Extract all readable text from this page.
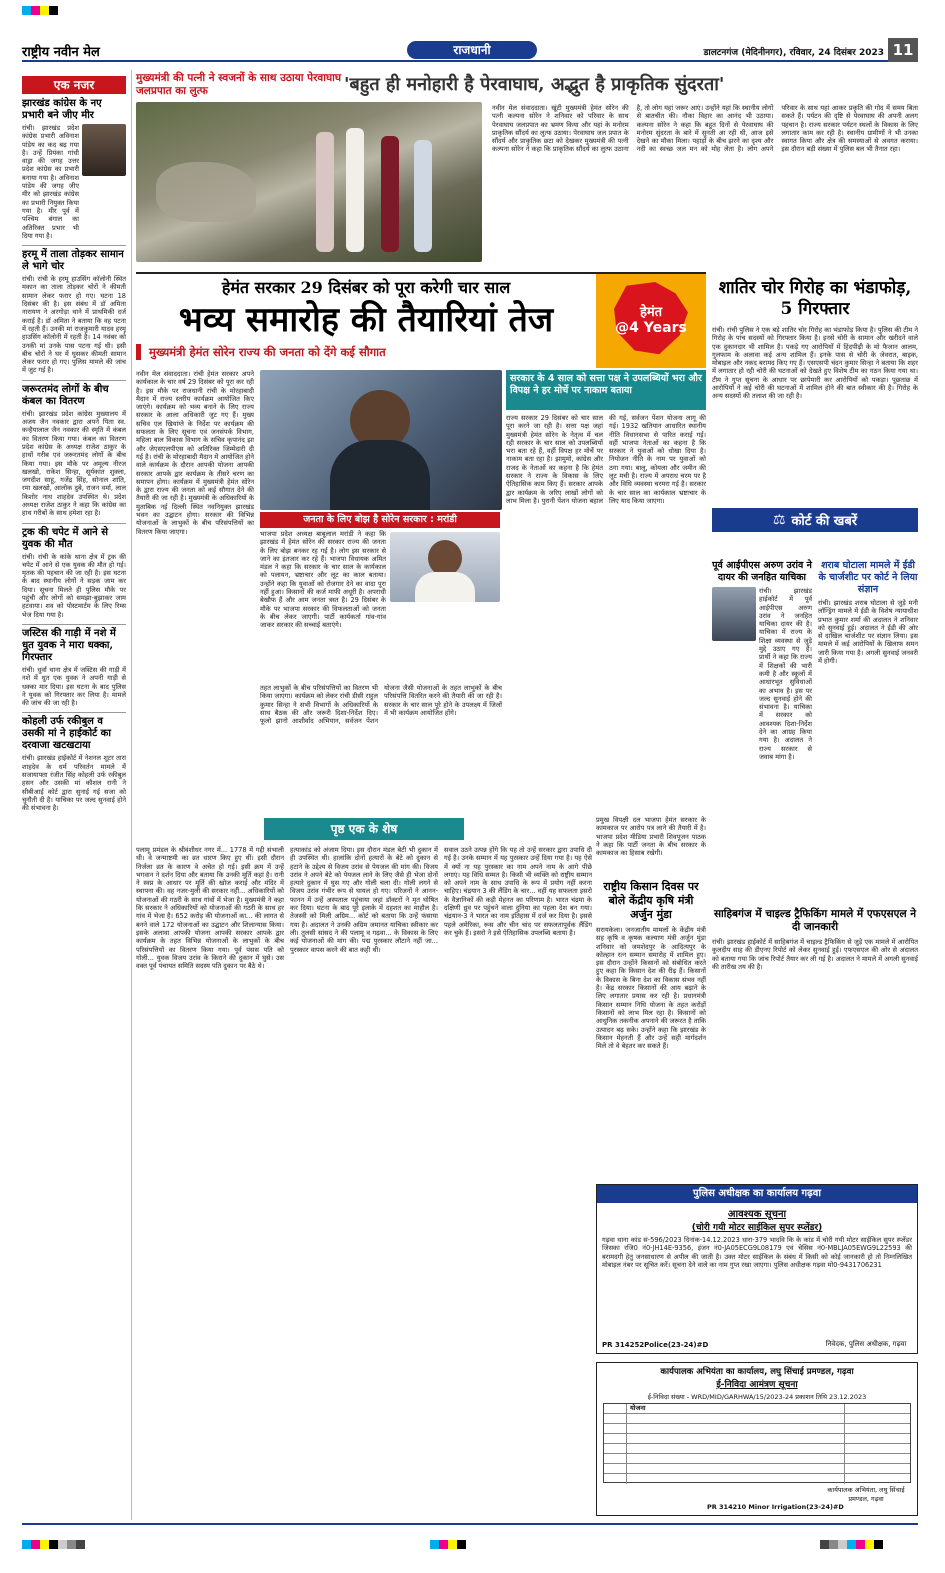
राष्ट्रीय नवीन मेल	राजधानी	डालटनगंज (मेदिनीनगर), रविवार, 24 दिसंबर 2023 11
एक नजर
झारखंड कांग्रेस के नए प्रभारी बने जीए मीर
रांची। झारखंड प्रदेश कांग्रेस प्रभारी अविनाश पांडेय का कद बढ़ गया है। उन्हें प्रियंका गांधी वाड्रा की जगह उत्तर प्रदेश कांग्रेस का प्रभारी बनाया गया है। अविनाश पांडेय की जगह जीए मीर को झारखंड कांग्रेस का प्रभारी नियुक्त किया गया है। मीर पूर्व में पश्चिम बंगाल का अतिरिक्त प्रभार भी दिया गया है।
हरमू में ताला तोड़कर सामान ले भागे चोर
रांची। रांची के हरमू हाउसिंग कॉलोनी स्थित मकान का ताला तोड़कर चोरों ने कीमती सामान लेकर फरार हो गए। घटना 18 दिसंबर की है। इस संबंध में डॉ अमिता नारायण ने अरगोड़ा थाने में प्राथमिकी दर्ज कराई है। डॉ अमिता ने बताया कि वह पटना में रहती हैं। उनकी मां राजकुमारी यादव हरमू हाउसिंग कॉलोनी में रहती है। 14 नवंबर को उनकी मां उनके पास पटना गई थी। इसी बीच चोरों ने घर में घुसकर कीमती सामान लेकर फरार हो गए। पुलिस मामले की जांच में जुट गई है।
जरूरतमंद लोगों के बीच कंबल का वितरण
रांची। झारखंड प्रदेश कांग्रेस मुख्यालय में अजय जैन नवकार द्वारा अपने पिता स्व. कन्हैयालाल जैन नवकार की स्मृति में कंबल का वितरण किया गया। कंबल का वितरण प्रदेश कांग्रेस के अध्यक्ष राजेश ठाकुर के हाथों गरीब एवं जरूरतमंद लोगों के बीच किया गया। इस मौके पर अमूल्य नीरज खलखो, राकेश सिन्हा, सूर्यकांत शुक्ला, जगदीश साहू, गजेंद्र सिंह, सोनाल शांति, रमा खलखो, आलोक दुबे, राजन वर्मा, लाल किशोर नाथ शाहदेव उपस्थित थे। प्रदेश अध्यक्ष राजेश ठाकुर ने कहा कि कांग्रेस का हाथ गरीबों के साथ हमेशा रहा है।
ट्रक की चपेट में आने से युवक की मौत
रांची। रांची के कांके थाना क्षेत्र में ट्रक की चपेट में आने से एक युवक की मौत हो गई। मृतक की पहचान की जा रही है। इस घटना के बाद स्थानीय लोगों ने सड़क जाम कर दिया। सूचना मिलते ही पुलिस मौके पर पहुंची और लोगों को समझा-बुझाकर जाम हटवाया। शव को पोस्टमार्टम के लिए रिम्स भेज दिया गया है।
जस्टिस की गाड़ी में नशे में धुत युवक ने मारा धक्का, गिरफ्तार
रांची। धुर्वा थाना क्षेत्र में जस्टिस की गाड़ी में नशे में धुत एक युवक ने अपनी गाड़ी से धक्का मार दिया। इस घटना के बाद पुलिस ने युवक को गिरफ्तार कर लिया है। मामले की जांच की जा रही है।
कोहली उर्फ रकीबुल व उसकी मां ने हाईकोर्ट का दरवाजा खटखटाया
रांची। झारखंड हाईकोर्ट में नेशनल शूटर तारा शाहदेव के धर्म परिवर्तन मामले में सजायाफ्ता रंजीत सिंह कोहली उर्फ रकीबुल हसन और उसकी मां कौशल रानी ने सीबीआई कोर्ट द्वारा सुनाई गई सजा को चुनौती दी है। याचिका पर जल्द सुनवाई होने की संभावना है।
मुख्यमंत्री की पत्नी ने स्वजनों के साथ उठाया पेरवाघाघ जलप्रपात का लुत्फ	'बहुत ही मनोहारी है पेरवाघाघ, अद्भुत है प्राकृतिक सुंदरता'
नवीन मेल संवाददाता। खूंटी मुख्यमंत्री हेमंत सोरेन की पत्नी कल्पना सोरेन ने शनिवार को परिवार के साथ पेरवाघाघ जलप्रपात का भ्रमण किया और यहां के मनोरम प्राकृतिक सौंदर्य का लुत्फ उठाया। पेरवाघाघ जल प्रपात के सौंदर्य और प्राकृतिक छटा को देखकर मुख्यमंत्री की पत्नी कल्पना सोरेन ने कहा कि प्राकृतिक सौंदर्य का लुत्फ उठाना है, तो लोग यहां जरूर आएं। उन्होंने यहां कि स्थानीय लोगों से बातचीत की। नौका विहार का आनंद भी उठाया। कल्पना सोरेन ने कहा कि बहुत दिनों से पेरवाघाघ की मनोरम सुंदरता के बारे में सुनती आ रही थी, आज इसे देखने का मौका मिला। पहाड़ों के बीच झरने का दृश्य और नदी का स्वच्छ जल मन को मोह लेता है। लोग अपने परिवार के साथ यहां आकर प्रकृति की गोद में समय बिता सकते हैं। पर्यटन की दृष्टि से पेरवाघाघ की अपनी अलग पहचान है। राज्य सरकार पर्यटन स्थलों के विकास के लिए लगातार काम कर रही है। स्थानीय ग्रामीणों ने भी उनका स्वागत किया और क्षेत्र की समस्याओं से अवगत कराया। इस दौरान बड़ी संख्या में पुलिस बल भी तैनात रहा।
हेमंत सरकार 29 दिसंबर को पूरा करेगी चार साल
भव्य समारोह की तैयारियां तेज
मुख्यमंत्री हेमंत सोरेन राज्य की जनता को देंगे कई सौगात
हेमंत
@4 Years
नवीन मेल संवाददाता। रांची हेमंत सरकार अपने कार्यकाल के चार वर्ष 29 दिसंबर को पूरा कर रही है। इस मौके पर राजधानी रांची के मोरहाबादी मैदान में राज्य स्तरीय कार्यक्रम आयोजित किए जाएंगे। कार्यक्रम को भव्य बनाने के लिए राज्य सरकार के आला अधिकारी जुट गए हैं। मुख्य सचिव एल खियांग्ते के निर्देश पर कार्यक्रम की सफलता के लिए सूचना एवं जनसंपर्क विभाग, महिला बाल विकास विभाग के सचिव कृपानंद झा और जेएसएलपीएस को अतिरिक्त जिम्मेदारी दी गई है। रांची के मोरहाबादी मैदान में आयोजित होने वाले कार्यक्रम के दौरान आपकी योजना आपकी सरकार आपके द्वार कार्यक्रम के तीसरे चरण का समापन होगा। कार्यक्रम में मुख्यमंत्री हेमंत सोरेन के द्वारा राज्य की जनता को कई सौगात देने की तैयारी की जा रही है। मुख्यमंत्री के अधिकारियों के मुताबिक नई दिल्ली स्थित नवनियुक्त झारखंड भवन का उद्घाटन होगा। सरकार की विभिन्न योजनाओं के लाभुकों के बीच परिसंपत्तियों का वितरण किया जाएगा।
जनता के लिए बोझ है सोरेन सरकार : मरांडी
भाजपा प्रदेश अध्यक्ष बाबूलाल मरांडी ने कहा कि झारखंड में हेमंत सोरेन की सरकार राज्य की जनता के लिए बोझ बनकर रह गई है। लोग इस सरकार से जाने का इंतजार कर रहे हैं। भाजपा विधायक अमित मंडल ने कहा कि सरकार के चार साल के कार्यकाल को पलायन, भ्रष्टाचार और लूट का काल बताया। उन्होंने कहा कि युवाओं को रोजगार देने का वादा पूरा नहीं हुआ। किसानों की कर्ज माफी अधूरी है। अपराधी बेखौफ हैं और आम जनता त्रस्त है। 29 दिसंबर के मौके पर भाजपा सरकार की विफलताओं को जनता के बीच लेकर जाएगी। पार्टी कार्यकर्ता गांव-गांव जाकर सरकार की सच्चाई बताएंगे।
तहत लाभुकों के बीच परिसंपत्तियों का वितरण भी किया जाएगा। कार्यक्रम को लेकर रांची डीसी राहुल कुमार सिन्हा ने सभी विभागों के अधिकारियों के साथ बैठक की और जरूरी दिशा-निर्देश दिए। फूलो झानो आशीर्वाद अभियान, सर्वजन पेंशन योजना जैसी योजनाओं के तहत लाभुकों के बीच परिसंपत्ति वितरित करने की तैयारी की जा रही है। सरकार के चार साल पूरे होने के उपलक्ष्य में जिलों में भी कार्यक्रम आयोजित होंगे।
सरकार के 4 साल को सत्ता पक्ष ने उपलब्धियों भरा और विपक्ष ने हर मोर्चे पर नाकाम बताया
राज्य सरकार 29 दिसंबर को चार साल पूरा करने जा रही है। सत्ता पक्ष जहां मुख्यमंत्री हेमंत सोरेन के नेतृत्व में चल रही सरकार के चार साल को उपलब्धियों भरा बता रहे हैं, वहीं विपक्ष हर मोर्चे पर नाकाम बता रहा है। झामुमो, कांग्रेस और राजद के नेताओं का कहना है कि हेमंत सरकार ने राज्य के विकास के लिए ऐतिहासिक काम किए हैं। सरकार आपके द्वार कार्यक्रम के जरिए लाखों लोगों को लाभ मिला है। पुरानी पेंशन योजना बहाल की गई, सर्वजन पेंशन योजना लागू की गई। 1932 खतियान आधारित स्थानीय नीति विधानसभा से पारित कराई गई। वहीं भाजपा नेताओं का कहना है कि सरकार ने युवाओं को धोखा दिया है। नियोजन नीति के नाम पर युवाओं को ठगा गया। बालू, कोयला और जमीन की लूट मची है। राज्य में अपराध चरम पर है और विधि व्यवस्था चरमरा गई है। सरकार के चार साल का कार्यकाल भ्रष्टाचार के लिए याद किया जाएगा।
शातिर चोर गिरोह का भंडाफोड़, 5 गिरफ्तार
रांची। रांची पुलिस ने एक बड़े शातिर चोर गिरोह का भंडाफोड़ किया है। पुलिस की टीम ने गिरोह के पांच सदस्यों को गिरफ्तार किया है। इनसे चोरी के सामान और खरीदने वाले एक दुकानदार भी शामिल है। पकड़े गए आरोपियों में हिंदपीढ़ी के मो फैजान आलम, गुलफाम के अलावा कई अन्य शामिल हैं। इनके पास से चोरी के जेवरात, बाइक, मोबाइल और नकद बरामद किए गए हैं। एसएसपी चंदन कुमार सिन्हा ने बताया कि शहर में लगातार हो रही चोरी की घटनाओं को देखते हुए विशेष टीम का गठन किया गया था। टीम ने गुप्त सूचना के आधार पर छापेमारी कर आरोपियों को पकड़ा। पूछताछ में आरोपियों ने कई चोरी की घटनाओं में शामिल होने की बात स्वीकार की है। गिरोह के अन्य सदस्यों की तलाश की जा रही है।
⚖ कोर्ट की खबरें
पूर्व आईपीएस अरुण उरांव ने दायर की जनहित याचिका
रांची। झारखंड हाईकोर्ट में पूर्व आईपीएस अरुण उरांव ने जनहित याचिका दायर की है। याचिका में राज्य के शिक्षा व्यवस्था से जुड़े मुद्दे उठाए गए हैं। प्रार्थी ने कहा कि राज्य में शिक्षकों की भारी कमी है और स्कूलों में आधारभूत सुविधाओं का अभाव है। इस पर जल्द सुनवाई होने की संभावना है। याचिका में सरकार को आवश्यक दिशा-निर्देश देने का आग्रह किया गया है। अदालत ने राज्य सरकार से जवाब मांगा है।
शराब घोटाला मामले में ईडी के चार्जशीट पर कोर्ट ने लिया संज्ञान
रांची। झारखंड शराब घोटाला से जुड़े मनी लॉन्ड्रिंग मामले में ईडी के विशेष न्यायाधीश प्रभात कुमार शर्मा की अदालत ने शनिवार को सुनवाई हुई। अदालत ने ईडी की ओर से दाखिल चार्जशीट पर संज्ञान लिया। इस मामले में कई आरोपियों के खिलाफ समन जारी किया गया है। अगली सुनवाई जनवरी में होगी।
प्रमुख विपक्षी दल भाजपा हेमंत सरकार के कामकाज पर आरोप पत्र लाने की तैयारी में है। भाजपा प्रदेश मीडिया प्रभारी शिवपूजन पाठक ने कहा कि पार्टी जनता के बीच सरकार के कामकाज का हिसाब रखेगी।
राष्ट्रीय किसान दिवस पर बोले केंद्रीय कृषि मंत्री अर्जुन मुंडा
सरायकेला। जनजातीय मामलों के केंद्रीय मंत्री सह कृषि व कृषक कल्याण मंत्री अर्जुन मुंडा शनिवार को जमशेदपुर के आदित्यपुर के कोल्हान रत्न सम्मान समारोह में शामिल हुए। इस दौरान उन्होंने किसानों को संबोधित करते हुए कहा कि किसान देश की रीढ़ हैं। किसानों के विकास के बिना देश का विकास संभव नहीं है। केंद्र सरकार किसानों की आय बढ़ाने के लिए लगातार प्रयास कर रही है। प्रधानमंत्री किसान सम्मान निधि योजना के तहत करोड़ों किसानों को लाभ मिल रहा है। किसानों को आधुनिक तकनीक अपनाने की जरूरत है ताकि उत्पादन बढ़ सके। उन्होंने कहा कि झारखंड के किसान मेहनती हैं और उन्हें सही मार्गदर्शन मिले तो वे बेहतर कर सकते हैं।
साहिबगंज में चाइल्ड ट्रैफिकिंग मामले में एफएसएल ने दी जानकारी
रांची। झारखंड हाईकोर्ट में साहिबगंज में चाइल्ड ट्रैफिकिंग से जुड़े एक मामले में आरोपित कुलदीप साह की डीएनए रिपोर्ट को लेकर सुनवाई हुई। एफएसएल की ओर से अदालत को बताया गया कि जांच रिपोर्ट तैयार कर ली गई है। अदालत ने मामले में अगली सुनवाई की तारीख तय की है।
पृष्ठ एक के शेष
पलामू प्रमंडल के श्रीवंशीधर नगर में... 1778 में गद्दी संभाली थी। वे जन्माष्टमी का व्रत धारण किए हुए थीं। इसी दौरान निर्जला व्रत के कारण वे अचेत हो गईं। इसी क्रम में उन्हें भगवान ने दर्शन दिया और बताया कि उनकी मूर्ति कहां है। रानी ने स्वप्न के आधार पर मूर्ति की खोज कराई और मंदिर में स्थापना की। वह नजर-मुली की सरकार नहीं... अधिकारियों को योजनाओं की गठरी के साथ गांवों में भेजा है। मुख्यमंत्री ने कहा कि सरकार ने अधिकारियों को योजनाओं की गठरी के साथ हर गांव में भेजा है। 652 करोड़ की योजनाओं का... की लागत से बनने वाले 172 योजनाओं का उद्घाटन और शिलान्यास किया। इसके अलावा आपकी योजना आपकी सरकार आपके द्वार कार्यक्रम के तहत विभिन्न योजनाओं के लाभुकों के बीच परिसंपत्तियों का वितरण किया गया। पूर्व पंसस पति को गोली... युवक विजय उरांव के किराने की दुकान में घुसे। उस वक्त पूर्व पंचायत समिति सदस्य पति दुकान पर बैठे थे।
हत्याकांड को अंजाम दिया। इस दौरान मंडल बेटी भी दुकान में ही उपस्थित थी। हालांकि दोनों हत्यारों के बेटे को दुकान से हटाने के उद्देश्य से विजय उरांव से पेयजल की मांग की। विजय उरांव ने अपने बेटे को पेयजल लाने के लिए जैसे ही भेजा दोनों हत्यारे दुकान में घुस गए और गोली चला दी। गोली लगने से विजय उरांव गंभीर रूप से घायल हो गए। परिजनों ने आनन-फानन में उन्हें अस्पताल पहुंचाया जहां डॉक्टरों ने मृत घोषित कर दिया। घटना के बाद पूरे इलाके में दहशत का माहौल है। तेजस्वी को मिली अग्रिम... कोर्ट को बताया कि उन्हें फंसाया गया है। अदालत ने उनकी अग्रिम जमानत याचिका स्वीकार कर ली। तुलसी सांसद ने की पलामू व गढ़वा... के विकास के लिए कई योजनाओं की मांग की। पद्म पुरस्कार लौटाने नहीं जा... पुरस्कार वापस करने की बात कही थी।
सवाल उठने उत्पन्न होंगे कि यह तो उन्हें सरकार द्वारा उपाधि दी गई है। उनके सम्मान में यह पुरस्कार उन्हें दिया गया है। यह ऐसे में क्यों ना यह पुरस्कार का नाम अपने नाम के आगे पीछे लगाएं। यह विधि सम्मत है। किसी भी व्यक्ति को राष्ट्रीय सम्मान को अपने नाम के साथ उपाधि के रूप में प्रयोग नहीं करना चाहिए। चंद्रयान 3 की लैंडिंग के चार... वहीं यह सफलता इसरो के वैज्ञानिकों की कड़ी मेहनत का परिणाम है। भारत चंद्रमा के दक्षिणी ध्रुव पर पहुंचने वाला दुनिया का पहला देश बन गया। चंद्रयान-3 ने भारत का नाम इतिहास में दर्ज कर दिया है। इससे पहले अमेरिका, रूस और चीन चांद पर सफलतापूर्वक लैंडिंग कर चुके हैं। इसरो ने इसे ऐतिहासिक उपलब्धि बताया है।
पुलिस अधीक्षक का कार्यालय गढ़वा
आवश्यक सूचना
(चोरी गयी मोटर साईकिल सुपर स्प्लेंडर)
गढ़वा थाना कांड सं-596/2023 दिनांक-14.12.2023 धारा-379 भादवि कि के कांड में चोरी गयी मोटर साईकिल सुपर स्प्लेंडर जिसका रजि0 नं0-JH14E-9356, इंजन नं0-JA05ECG9L08179 एवं चेसिस नं0-MBLJA05EWG9L22593 की बरामदगी हेतु जनसाधारण से अपील की जाती है। उक्त मोटर साईकिल के संबंध में किसी को कोई जानकारी हो तो निम्नलिखित मोबाइल नंबर पर सूचित करें। सूचना देने वाले का नाम गुप्त रखा जाएगा। पुलिस अधीक्षक गढ़वा मो0-9431706231
PR 314252Police(23-24)#D	निवेदक, पुलिस अधीक्षक, गढ़वा
कार्यपालक अभियंता का कार्यालय, लघु सिंचाई प्रमण्डल, गढ़वा
ई-निविदा आमंत्रण सूचना
ई-निविदा संख्या - WRD/MID/GARHWA/15/2023-24 प्रकाशन तिथि 23.12.2023
योजना
PR 314210 Minor Irrigation(23-24)#D
कार्यपालक अभियंता, लघु सिंचाई प्रमण्डल, गढ़वा
